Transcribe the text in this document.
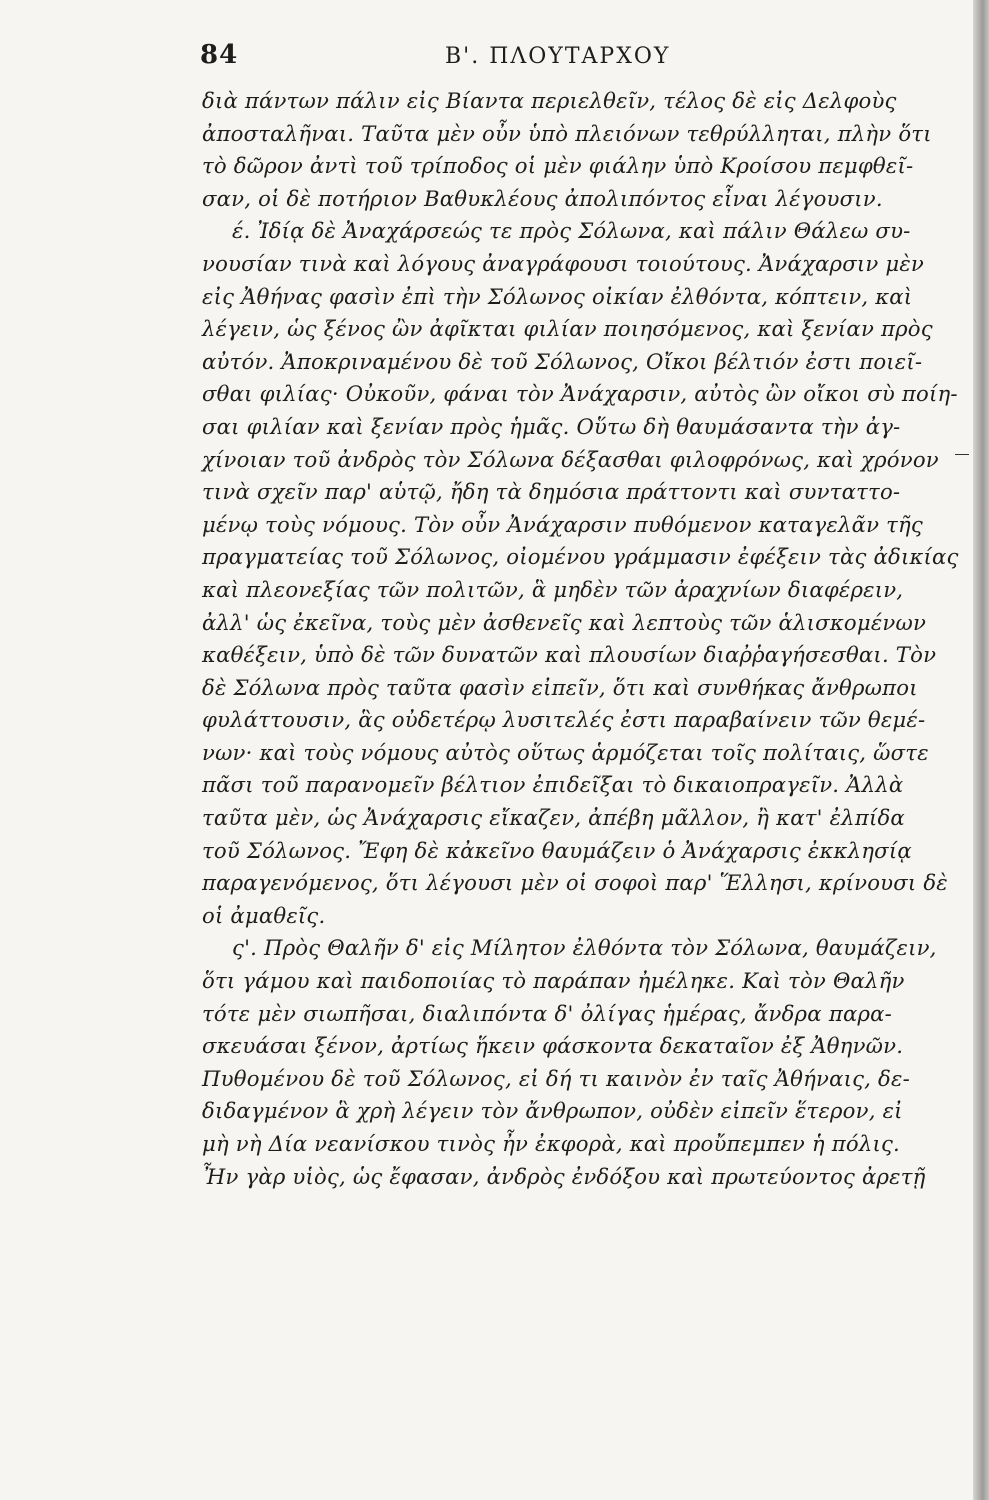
84	Β'. ΠΛΟΥΤΑΡΧΟΥ
διὰ πάντων πάλιν εἰς Βίαντα περιελθεῖν, τέλος δὲ εἰς Δελφοὺς
ἀποσταλῆναι. Ταῦτα μὲν οὖν ὑπὸ πλειόνων τεθρύλληται, πλὴν ὅτι
τὸ δῶρον ἀντὶ τοῦ τρίποδος οἱ μὲν φιάλην ὑπὸ Κροίσου πεμφθεῖ-
σαν, οἱ δὲ ποτήριον Βαθυκλέους ἀπολιπόντος εἶναι λέγουσιν.
έ. Ἰδίᾳ δὲ Ἀναχάρσεώς τε πρὸς Σόλωνα, καὶ πάλιν Θάλεω συ-
νουσίαν τινὰ καὶ λόγους ἀναγράφουσι τοιούτους. Ἀνάχαρσιν μὲν
εἰς Ἀθήνας φασὶν ἐπὶ τὴν Σόλωνος οἰκίαν ἐλθόντα, κόπτειν, καὶ
λέγειν, ὡς ξένος ὢν ἀφῖκται φιλίαν ποιησόμενος, καὶ ξενίαν πρὸς
αὐτόν. Ἀποκριναμένου δὲ τοῦ Σόλωνος, Οἴκοι βέλτιόν ἐστι ποιεῖ-
σθαι φιλίας· Οὐκοῦν, φάναι τὸν Ἀνάχαρσιν, αὐτὸς ὢν οἴκοι σὺ ποίη-
σαι φιλίαν καὶ ξενίαν πρὸς ἡμᾶς. Οὕτω δὴ θαυμάσαντα τὴν ἀγ-
χίνοιαν τοῦ ἀνδρὸς τὸν Σόλωνα δέξασθαι φιλοφρόνως, καὶ χρόνον
τινὰ σχεῖν παρ' αὑτῷ, ἤδη τὰ δημόσια πράττοντι καὶ συνταττο-
μένῳ τοὺς νόμους. Τὸν οὖν Ἀνάχαρσιν πυθόμενον καταγελᾶν τῆς
πραγματείας τοῦ Σόλωνος, οἰομένου γράμμασιν ἐφέξειν τὰς ἀδικίας
καὶ πλεονεξίας τῶν πολιτῶν, ἃ μηδὲν τῶν ἀραχνίων διαφέρειν,
ἀλλ' ὡς ἐκεῖνα, τοὺς μὲν ἀσθενεῖς καὶ λεπτοὺς τῶν ἁλισκομένων
καθέξειν, ὑπὸ δὲ τῶν δυνατῶν καὶ πλουσίων διαῤῥαγήσεσθαι. Τὸν
δὲ Σόλωνα πρὸς ταῦτα φασὶν εἰπεῖν, ὅτι καὶ συνθήκας ἄνθρωποι
φυλάττουσιν, ἃς οὐδετέρῳ λυσιτελές ἐστι παραβαίνειν τῶν θεμέ-
νων· καὶ τοὺς νόμους αὐτὸς οὕτως ἁρμόζεται τοῖς πολίταις, ὥστε
πᾶσι τοῦ παρανομεῖν βέλτιον ἐπιδεῖξαι τὸ δικαιοπραγεῖν. Ἀλλὰ
ταῦτα μὲν, ὡς Ἀνάχαρσις εἴκαζεν, ἀπέβη μᾶλλον, ἢ κατ' ἐλπίδα
τοῦ Σόλωνος. Ἔφη δὲ κἀκεῖνο θαυμάζειν ὁ Ἀνάχαρσις ἐκκλησίᾳ
παραγενόμενος, ὅτι λέγουσι μὲν οἱ σοφοὶ παρ' Ἕλλησι, κρίνουσι δὲ
οἱ ἀμαθεῖς.
ς'. Πρὸς Θαλῆν δ' εἰς Μίλητον ἐλθόντα τὸν Σόλωνα, θαυμάζειν,
ὅτι γάμου καὶ παιδοποιίας τὸ παράπαν ἠμέληκε. Καὶ τὸν Θαλῆν
τότε μὲν σιωπῆσαι, διαλιπόντα δ' ὀλίγας ἡμέρας, ἄνδρα παρα-
σκευάσαι ξένον, ἀρτίως ἥκειν φάσκοντα δεκαταῖον ἐξ Ἀθηνῶν.
Πυθομένου δὲ τοῦ Σόλωνος, εἰ δή τι καινὸν ἐν ταῖς Ἀθήναις, δε-
διδαγμένον ἃ χρὴ λέγειν τὸν ἄνθρωπον, οὐδὲν εἰπεῖν ἕτερον, εἰ
μὴ νὴ Δία νεανίσκου τινὸς ἦν ἐκφορὰ, καὶ προὔπεμπεν ἡ πόλις.
Ἦν γὰρ υἱὸς, ὡς ἔφασαν, ἀνδρὸς ἐνδόξου καὶ πρωτεύοντος ἀρετῇ
